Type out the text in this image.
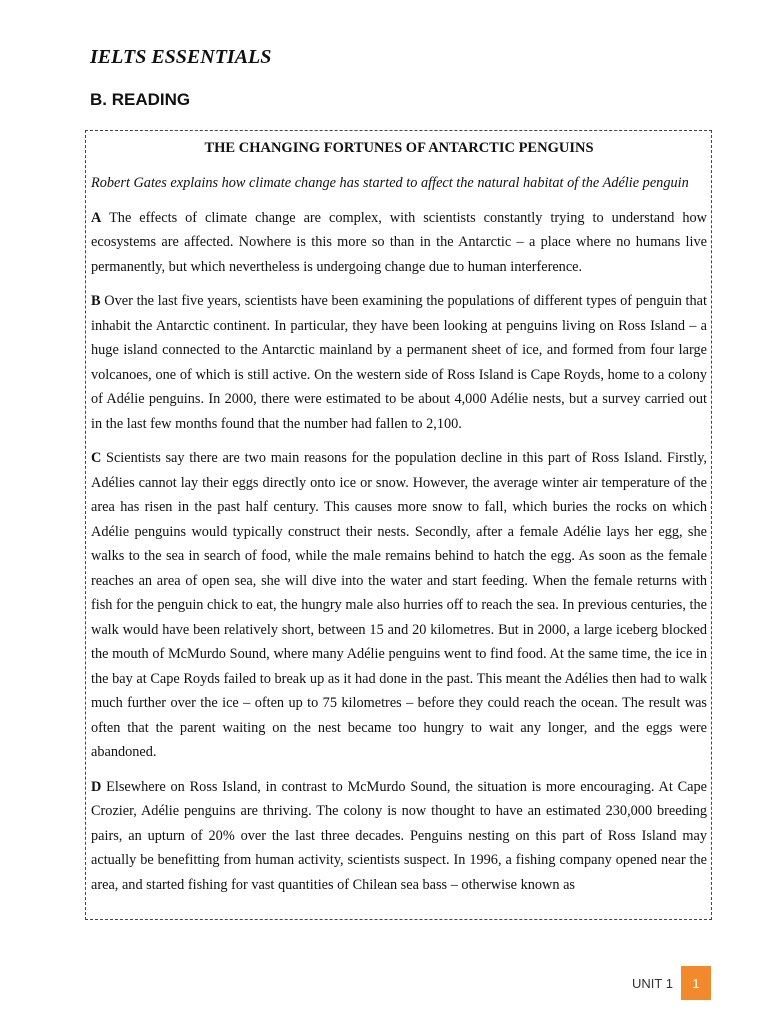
IELTS ESSENTIALS
B. READING
THE CHANGING FORTUNES OF ANTARCTIC PENGUINS
Robert Gates explains how climate change has started to affect the natural habitat of the Adélie penguin

A The effects of climate change are complex, with scientists constantly trying to understand how ecosystems are affected. Nowhere is this more so than in the Antarctic – a place where no humans live permanently, but which nevertheless is undergoing change due to human interference.

B Over the last five years, scientists have been examining the populations of different types of penguin that inhabit the Antarctic continent. In particular, they have been looking at penguins living on Ross Island – a huge island connected to the Antarctic mainland by a permanent sheet of ice, and formed from four large volcanoes, one of which is still active. On the western side of Ross Island is Cape Royds, home to a colony of Adélie penguins. In 2000, there were estimated to be about 4,000 Adélie nests, but a survey carried out in the last few months found that the number had fallen to 2,100.

C Scientists say there are two main reasons for the population decline in this part of Ross Island. Firstly, Adélies cannot lay their eggs directly onto ice or snow. However, the average winter air temperature of the area has risen in the past half century. This causes more snow to fall, which buries the rocks on which Adélie penguins would typically construct their nests. Secondly, after a female Adélie lays her egg, she walks to the sea in search of food, while the male remains behind to hatch the egg. As soon as the female reaches an area of open sea, she will dive into the water and start feeding. When the female returns with fish for the penguin chick to eat, the hungry male also hurries off to reach the sea. In previous centuries, the walk would have been relatively short, between 15 and 20 kilometres. But in 2000, a large iceberg blocked the mouth of McMurdo Sound, where many Adélie penguins went to find food. At the same time, the ice in the bay at Cape Royds failed to break up as it had done in the past. This meant the Adélies then had to walk much further over the ice – often up to 75 kilometres – before they could reach the ocean. The result was often that the parent waiting on the nest became too hungry to wait any longer, and the eggs were abandoned.

D Elsewhere on Ross Island, in contrast to McMurdo Sound, the situation is more encouraging. At Cape Crozier, Adélie penguins are thriving. The colony is now thought to have an estimated 230,000 breeding pairs, an upturn of 20% over the last three decades. Penguins nesting on this part of Ross Island may actually be benefitting from human activity, scientists suspect. In 1996, a fishing company opened near the area, and started fishing for vast quantities of Chilean sea bass – otherwise known as

UNIT 1	1
